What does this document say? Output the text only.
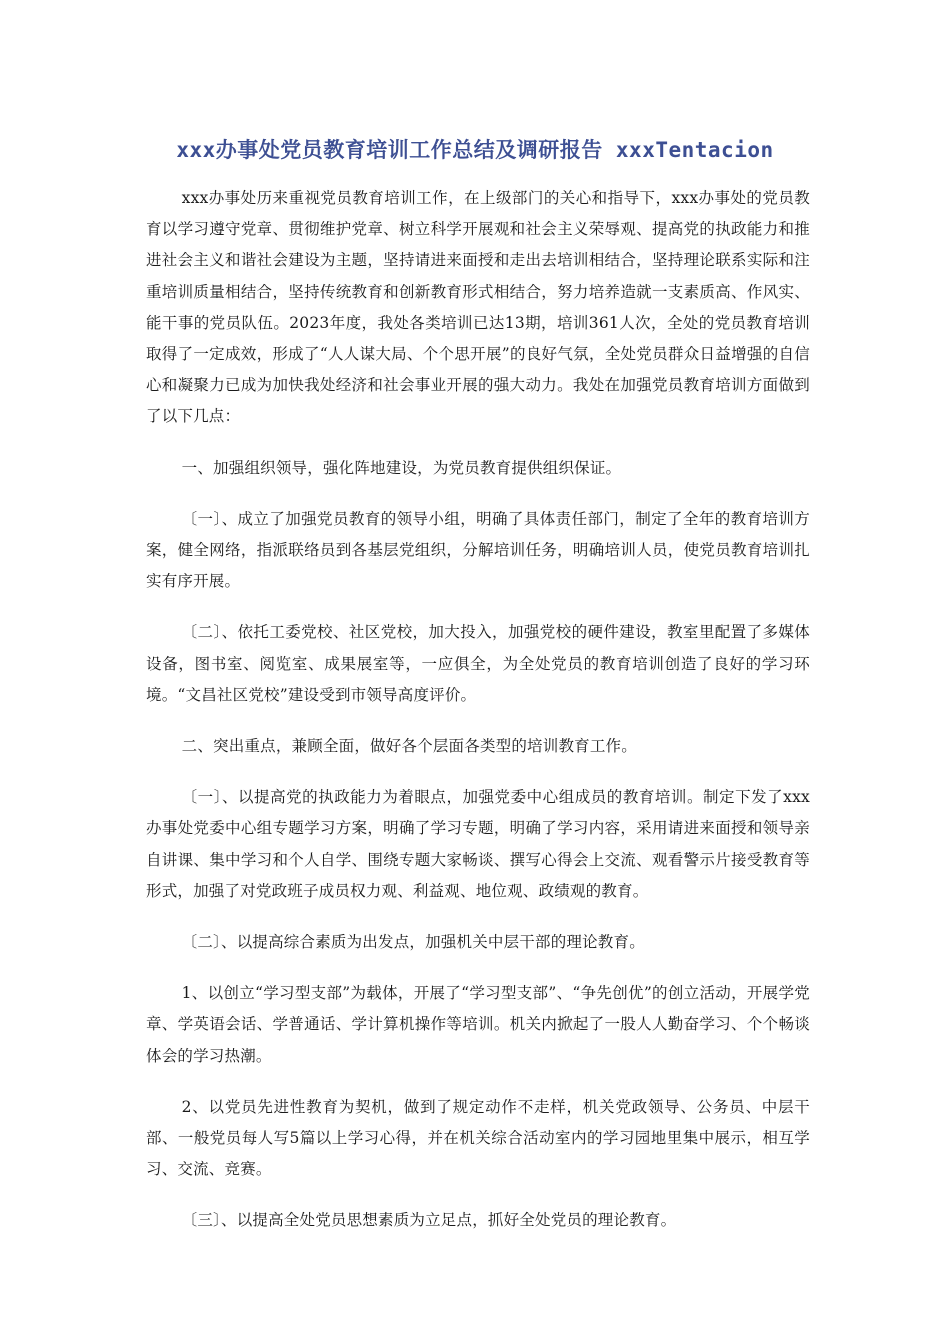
xxx办事处党员教育培训工作总结及调研报告 xxxTentacion

xxx办事处历来重视党员教育培训工作，在上级部门的关心和指导下，xxx办事处的党员教育以学习遵守党章、贯彻维护党章、树立科学开展观和社会主义荣辱观、提高党的执政能力和推进社会主义和谐社会建设为主题，坚持请进来面授和走出去培训相结合，坚持理论联系实际和注重培训质量相结合，坚持传统教育和创新教育形式相结合，努力培养造就一支素质高、作风实、能干事的党员队伍。2023年度，我处各类培训已达13期，培训361人次，全处的党员教育培训取得了一定成效，形成了“人人谋大局、个个思开展”的良好气氛，全处党员群众日益增强的自信心和凝聚力已成为加快我处经济和社会事业开展的强大动力。我处在加强党员教育培训方面做到了以下几点：

一、加强组织领导，强化阵地建设，为党员教育提供组织保证。

〔一〕、成立了加强党员教育的领导小组，明确了具体责任部门，制定了全年的教育培训方案，健全网络，指派联络员到各基层党组织，分解培训任务，明确培训人员，使党员教育培训扎实有序开展。

〔二〕、依托工委党校、社区党校，加大投入，加强党校的硬件建设，教室里配置了多媒体设备，图书室、阅览室、成果展室等，一应俱全，为全处党员的教育培训创造了良好的学习环境。“文昌社区党校”建设受到市领导高度评价。

二、突出重点，兼顾全面，做好各个层面各类型的培训教育工作。

〔一〕、以提高党的执政能力为着眼点，加强党委中心组成员的教育培训。制定下发了xxx办事处党委中心组专题学习方案，明确了学习专题，明确了学习内容，采用请进来面授和领导亲自讲课、集中学习和个人自学、围绕专题大家畅谈、撰写心得会上交流、观看警示片接受教育等形式，加强了对党政班子成员权力观、利益观、地位观、政绩观的教育。

〔二〕、以提高综合素质为出发点，加强机关中层干部的理论教育。

1、以创立“学习型支部”为载体，开展了“学习型支部”、“争先创优”的创立活动，开展学党章、学英语会话、学普通话、学计算机操作等培训。机关内掀起了一股人人勤奋学习、个个畅谈体会的学习热潮。

2、以党员先进性教育为契机，做到了规定动作不走样，机关党政领导、公务员、中层干部、一般党员每人写5篇以上学习心得，并在机关综合活动室内的学习园地里集中展示，相互学习、交流、竞赛。

〔三〕、以提高全处党员思想素质为立足点，抓好全处党员的理论教育。
